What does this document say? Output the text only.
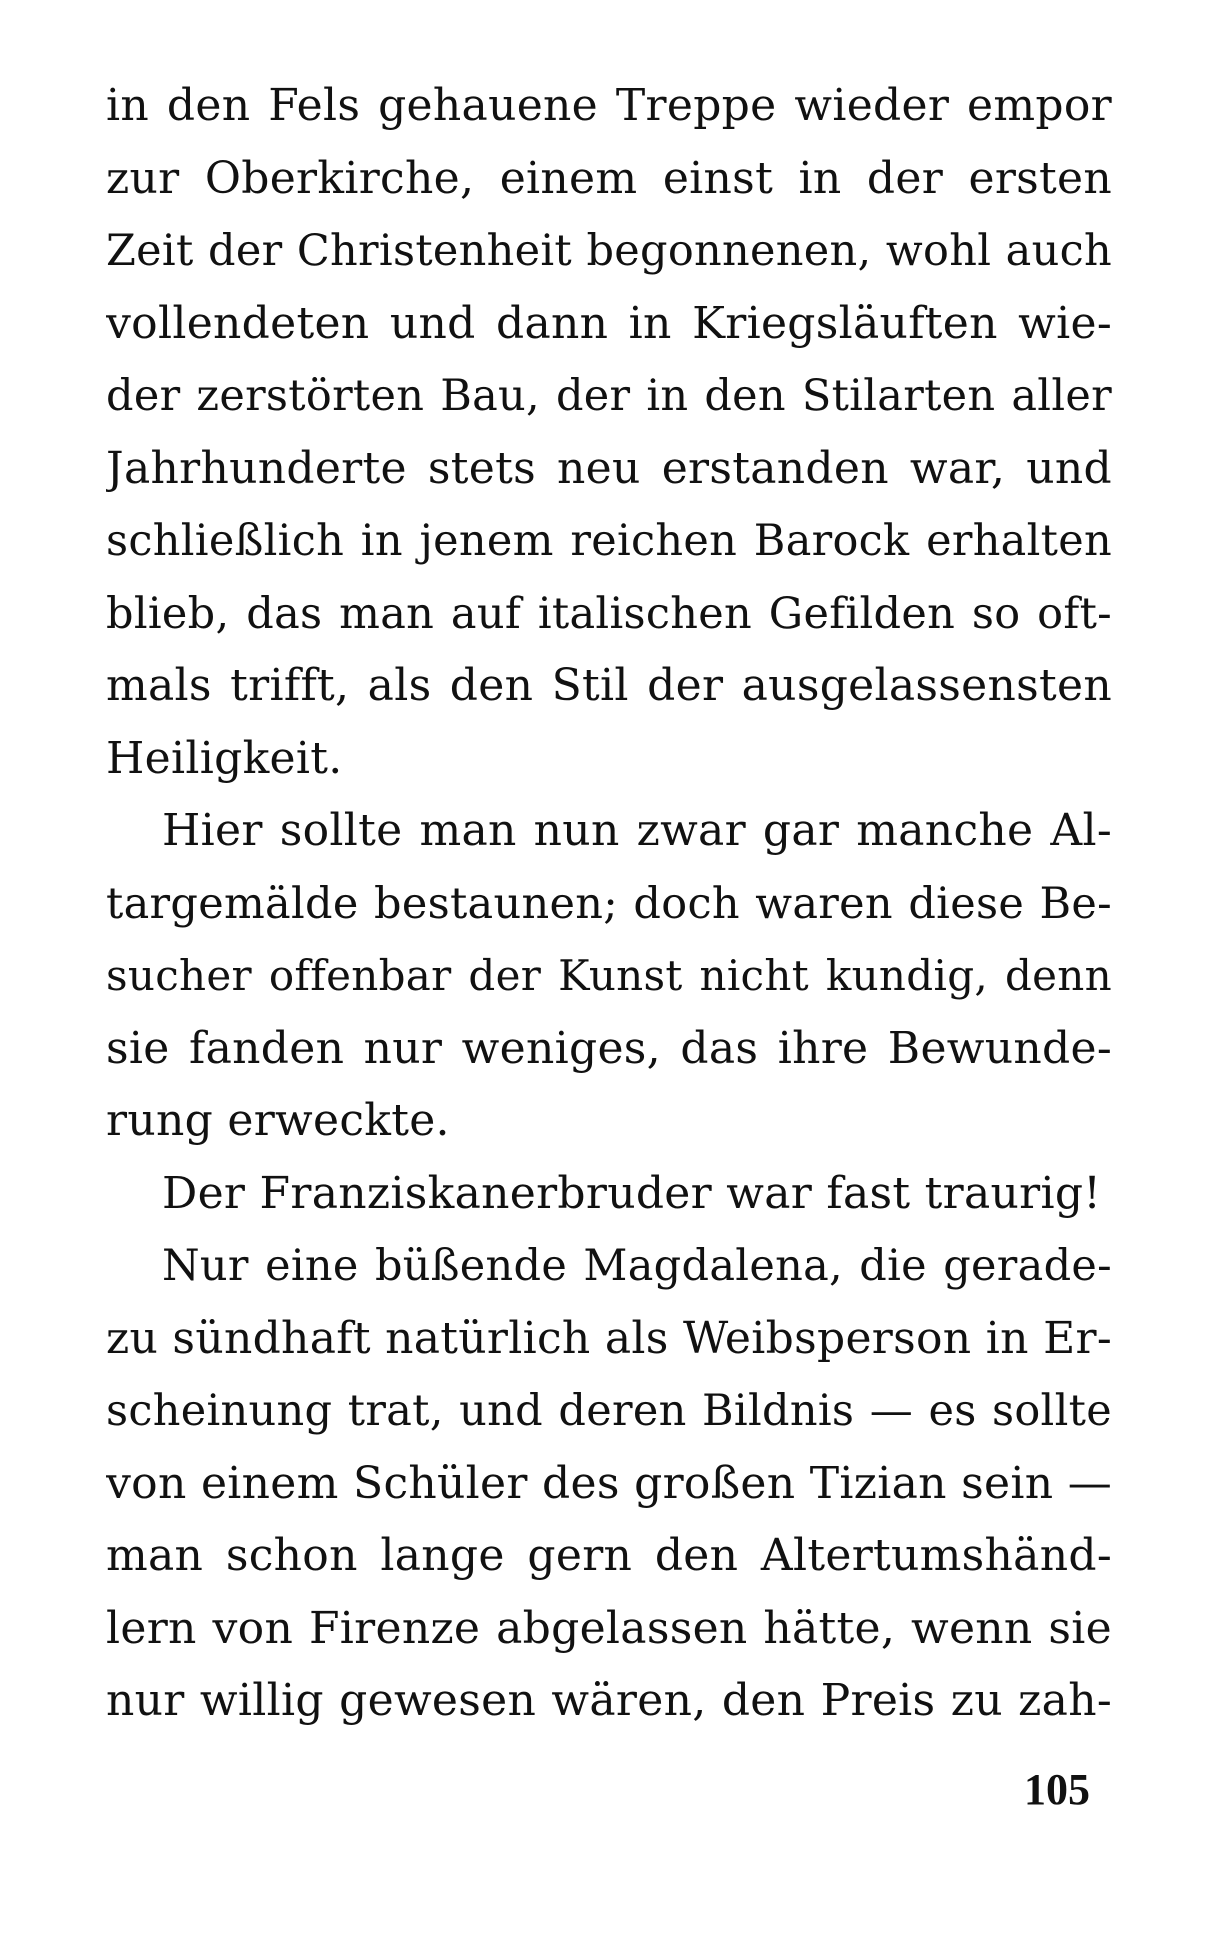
in den Fels gehauene Treppe wieder empor
zur Oberkirche, einem einst in der ersten
Zeit der Christenheit begonnenen, wohl auch
vollendeten und dann in Kriegsläuften wie-
der zerstörten Bau, der in den Stilarten aller
Jahrhunderte stets neu erstanden war, und
schließlich in jenem reichen Barock erhalten
blieb, das man auf italischen Gefilden so oft-
mals trifft, als den Stil der ausgelassensten
Heiligkeit.
Hier sollte man nun zwar gar manche Al-
targemälde bestaunen; doch waren diese Be-
sucher offenbar der Kunst nicht kundig, denn
sie fanden nur weniges, das ihre Bewunde-
rung erweckte.
Der Franziskanerbruder war fast traurig!
Nur eine büßende Magdalena, die gerade-
zu sündhaft natürlich als Weibsperson in Er-
scheinung trat, und deren Bildnis — es sollte
von einem Schüler des großen Tizian sein —
man schon lange gern den Altertumshänd-
lern von Firenze abgelassen hätte, wenn sie
nur willig gewesen wären, den Preis zu zah-
105
